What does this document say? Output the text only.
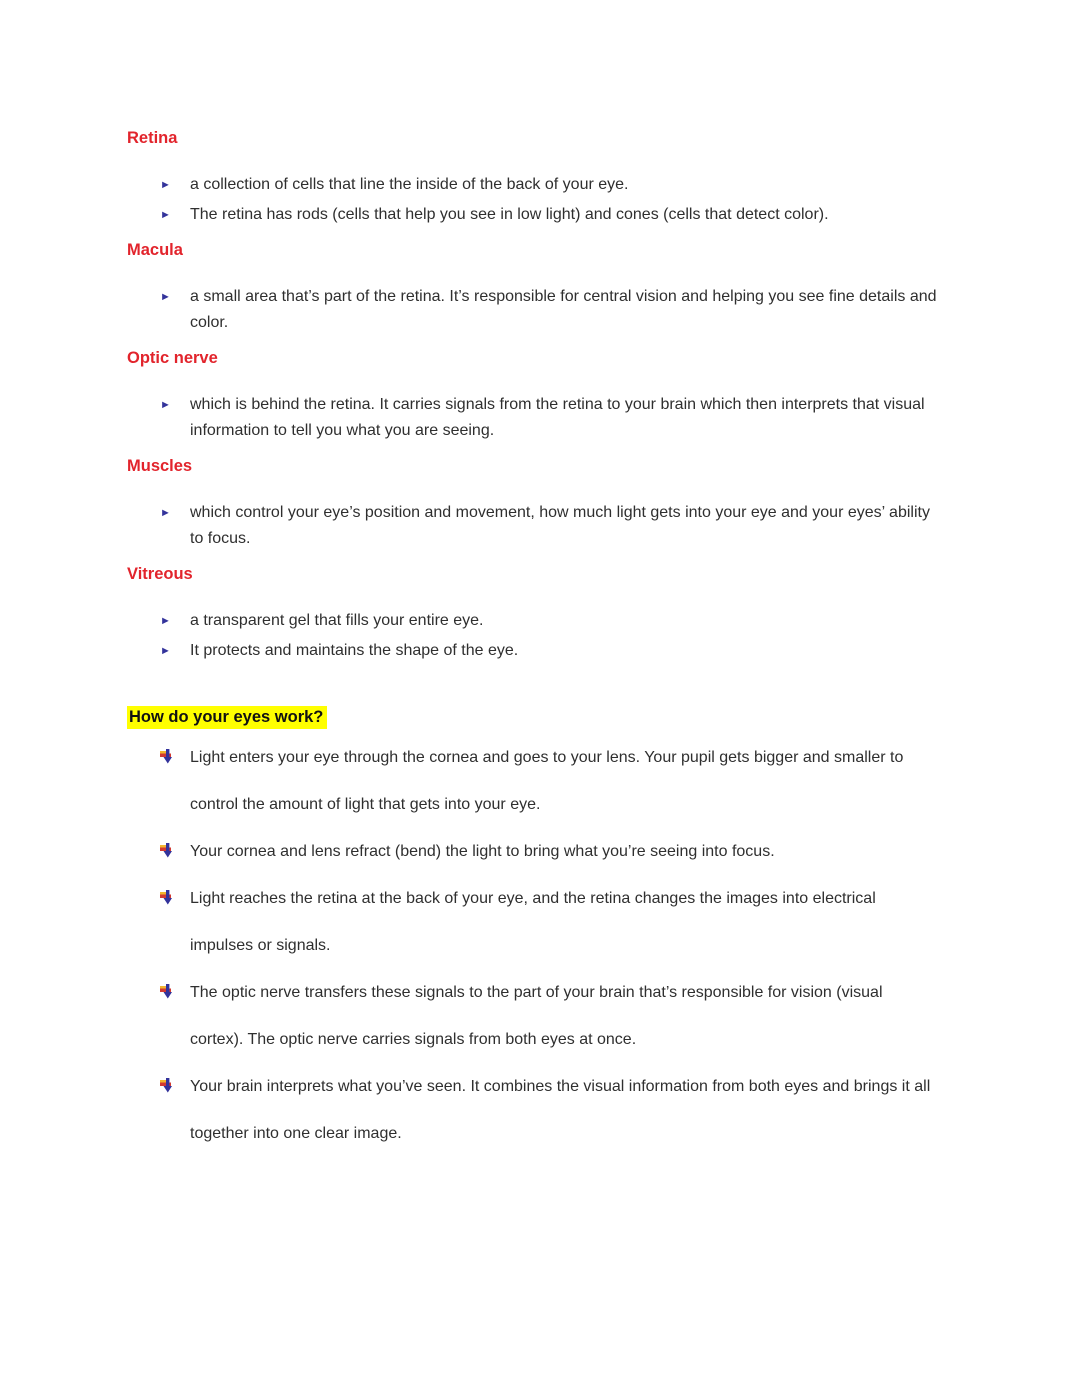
Retina
►	a collection of cells that line the inside of the back of your eye.
►	The retina has rods (cells that help you see in low light) and cones (cells that detect color).
Macula
►	a small area that’s part of the retina. It’s responsible for central vision and helping you see fine details and color.
Optic nerve
►	which is behind the retina. It carries signals from the retina to your brain which then interprets that visual information to tell you what you are seeing.
Muscles
►	which control your eye’s position and movement, how much light gets into your eye and your eyes’ ability to focus.
Vitreous
►	a transparent gel that fills your entire eye.
►	It protects and maintains the shape of the eye.
How do your eyes work?
Light enters your eye through the cornea and goes to your lens. Your pupil gets bigger and smaller to control the amount of light that gets into your eye.
Your cornea and lens refract (bend) the light to bring what you’re seeing into focus.
Light reaches the retina at the back of your eye, and the retina changes the images into electrical impulses or signals.
The optic nerve transfers these signals to the part of your brain that’s responsible for vision (visual cortex). The optic nerve carries signals from both eyes at once.
Your brain interprets what you’ve seen. It combines the visual information from both eyes and brings it all together into one clear image.
